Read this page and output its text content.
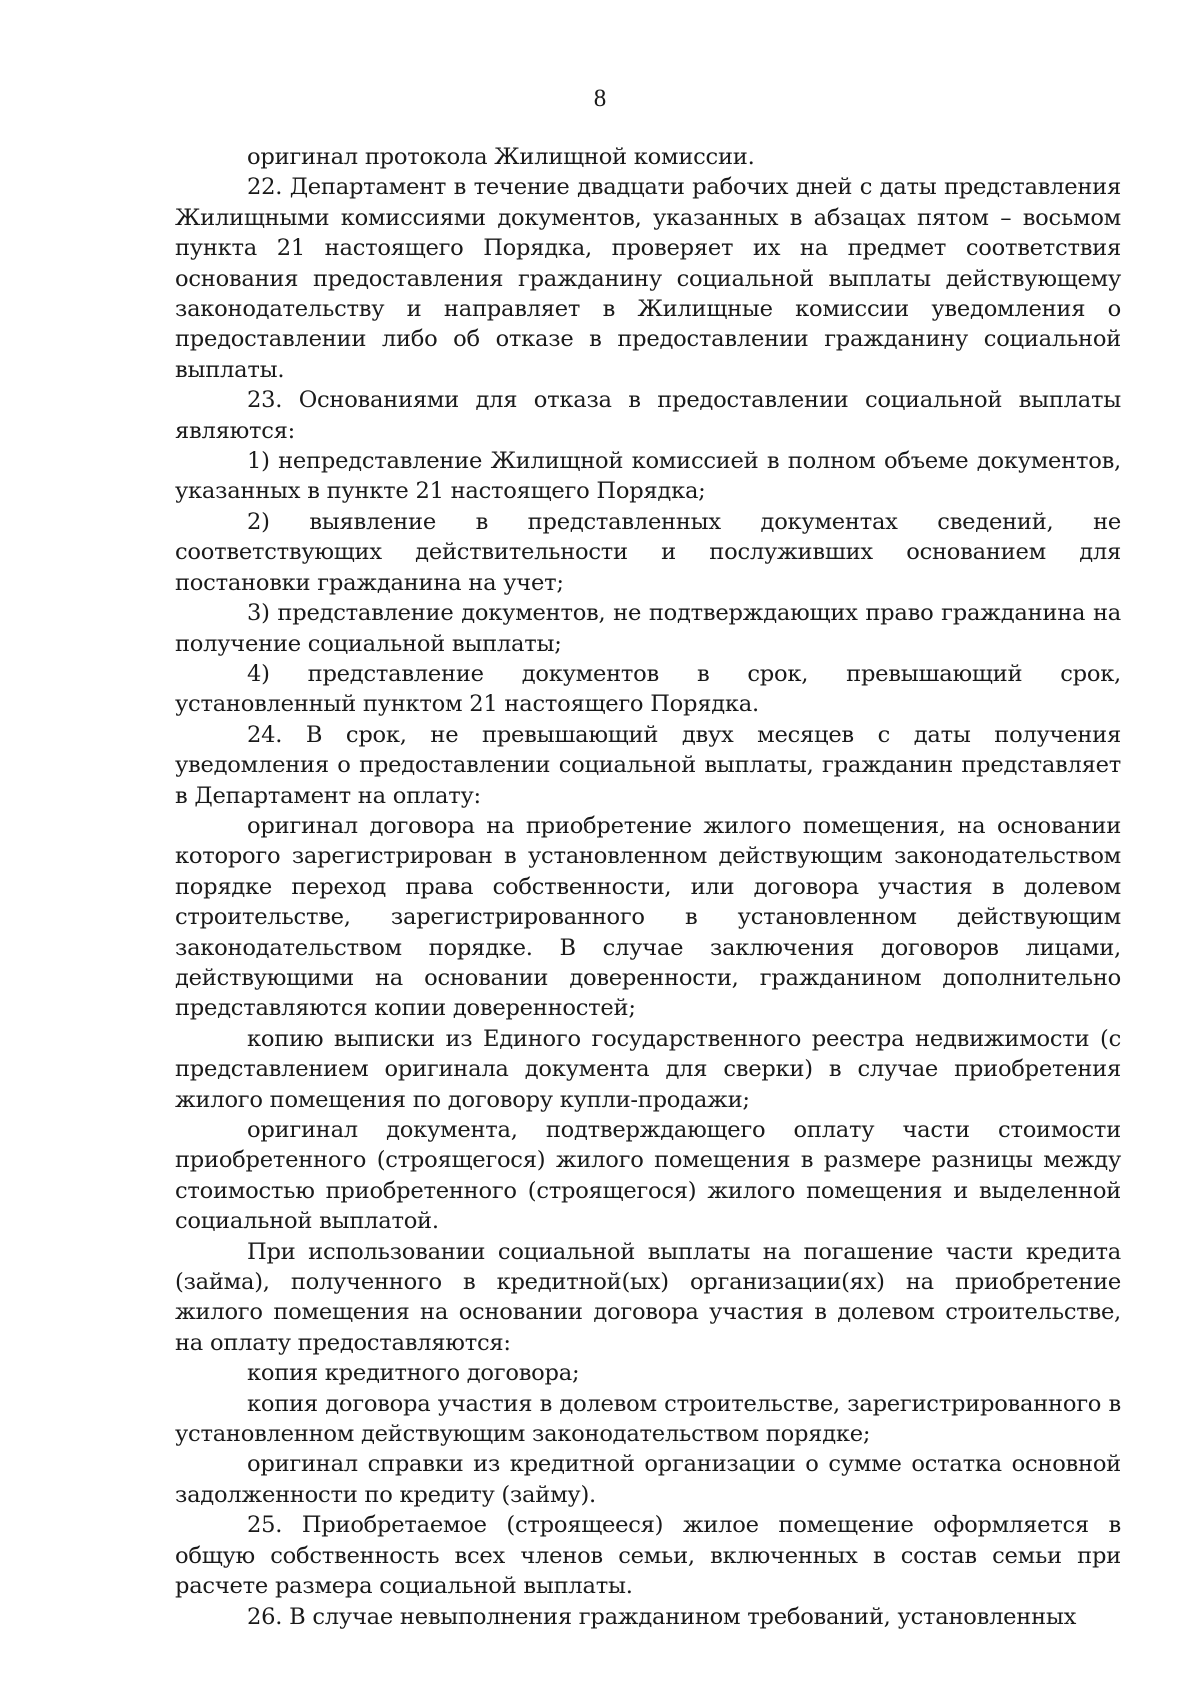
8

оригинал протокола Жилищной комиссии.

22. Департамент в течение двадцати рабочих дней с даты представления Жилищными комиссиями документов, указанных в абзацах пятом – восьмом пункта 21 настоящего Порядка, проверяет их на предмет соответствия основания предоставления гражданину социальной выплаты действующему законодательству и направляет в Жилищные комиссии уведомления о предоставлении либо об отказе в предоставлении гражданину социальной выплаты.

23. Основаниями для отказа в предоставлении социальной выплаты являются:

1) непредставление Жилищной комиссией в полном объеме документов, указанных в пункте 21 настоящего Порядка;

2) выявление в представленных документах сведений, не соответствующих действительности и послуживших основанием для постановки гражданина на учет;

3) представление документов, не подтверждающих право гражданина на получение социальной выплаты;

4) представление документов в срок, превышающий срок, установленный пунктом 21 настоящего Порядка.

24. В срок, не превышающий двух месяцев с даты получения уведомления о предоставлении социальной выплаты, гражданин представляет в Департамент на оплату:

оригинал договора на приобретение жилого помещения, на основании которого зарегистрирован в установленном действующим законодательством порядке переход права собственности, или договора участия в долевом строительстве, зарегистрированного в установленном действующим законодательством порядке. В случае заключения договоров лицами, действующими на основании доверенности, гражданином дополнительно представляются копии доверенностей;

копию выписки из Единого государственного реестра недвижимости (с представлением оригинала документа для сверки) в случае приобретения жилого помещения по договору купли-продажи;

оригинал документа, подтверждающего оплату части стоимости приобретенного (строящегося) жилого помещения в размере разницы между стоимостью приобретенного (строящегося) жилого помещения и выделенной социальной выплатой.

При использовании социальной выплаты на погашение части кредита (займа), полученного в кредитной(ых) организации(ях) на приобретение жилого помещения на основании договора участия в долевом строительстве, на оплату предоставляются:

копия кредитного договора;

копия договора участия в долевом строительстве, зарегистрированного в установленном действующим законодательством порядке;

оригинал справки из кредитной организации о сумме остатка основной задолженности по кредиту (займу).

25. Приобретаемое (строящееся) жилое помещение оформляется в общую собственность всех членов семьи, включенных в состав семьи при расчете размера социальной выплаты.

26. В случае невыполнения гражданином требований, установленных
